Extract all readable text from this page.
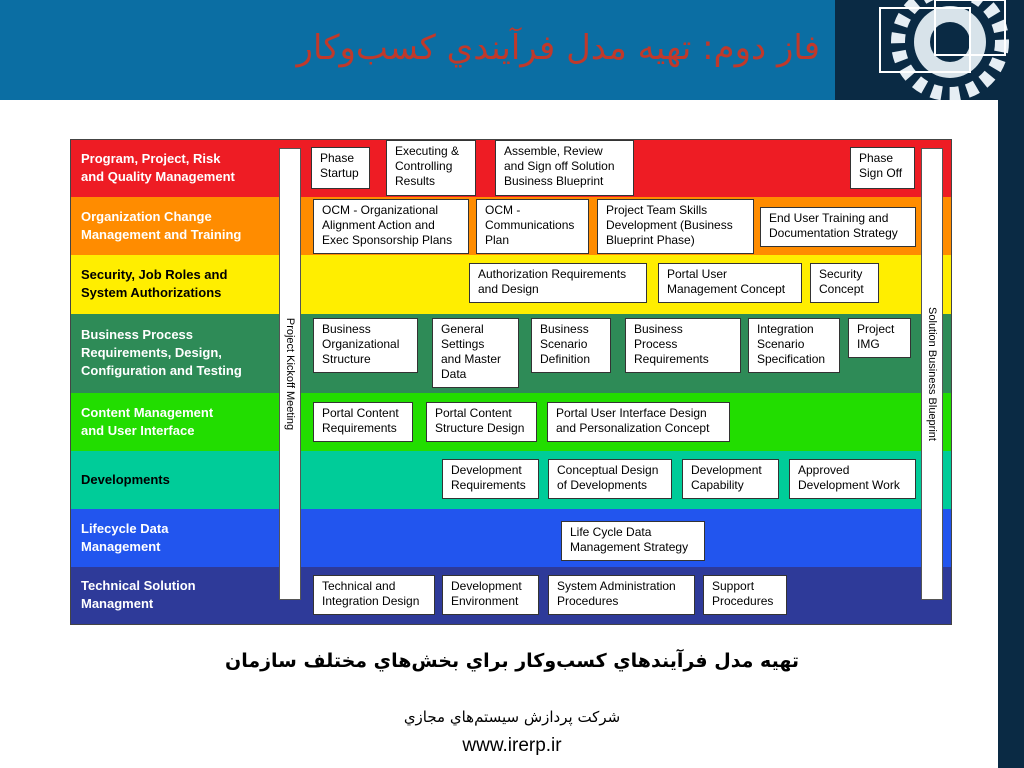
فاز دوم: تهيه مدل فرآيندي كسب‌وكار
Program, Project, Risk
and Quality Management
Organization Change
Management and Training
Security, Job Roles and
System Authorizations
Business Process
Requirements, Design,
Configuration and Testing
Content Management
and User Interface
Developments
Lifecycle Data
Management
Technical Solution
Managment
Project Kickoff Meeting	Solution Business Blueprint
Phase
Startup
Executing &
Controlling
Results
Assemble, Review
and Sign off Solution
Business Blueprint
Phase
Sign Off
OCM - Organizational
Alignment Action and
Exec Sponsorship Plans
OCM -
Communications
Plan
Project Team Skills
Development (Business
Blueprint Phase)
End User Training and
Documentation Strategy
Authorization Requirements
and Design
Portal User
Management Concept
Security
Concept
Business
Organizational
Structure
General
Settings
and Master
Data
Business
Scenario
Definition
Business
Process
Requirements
Integration
Scenario
Specification
Project
IMG
Portal Content
Requirements
Portal Content
Structure Design
Portal User Interface Design
and Personalization Concept
Development
Requirements
Conceptual Design
of Developments
Development
Capability
Approved
Development Work
Life Cycle Data
Management Strategy
Technical and
Integration Design
Development
Environment
System Administration
Procedures
Support
Procedures
تهيه مدل فرآيندهاي كسب‌وكار براي بخش‌هاي مختلف سازمان
شركت پردازش سيستم‌هاي مجازي
www.irerp.ir
